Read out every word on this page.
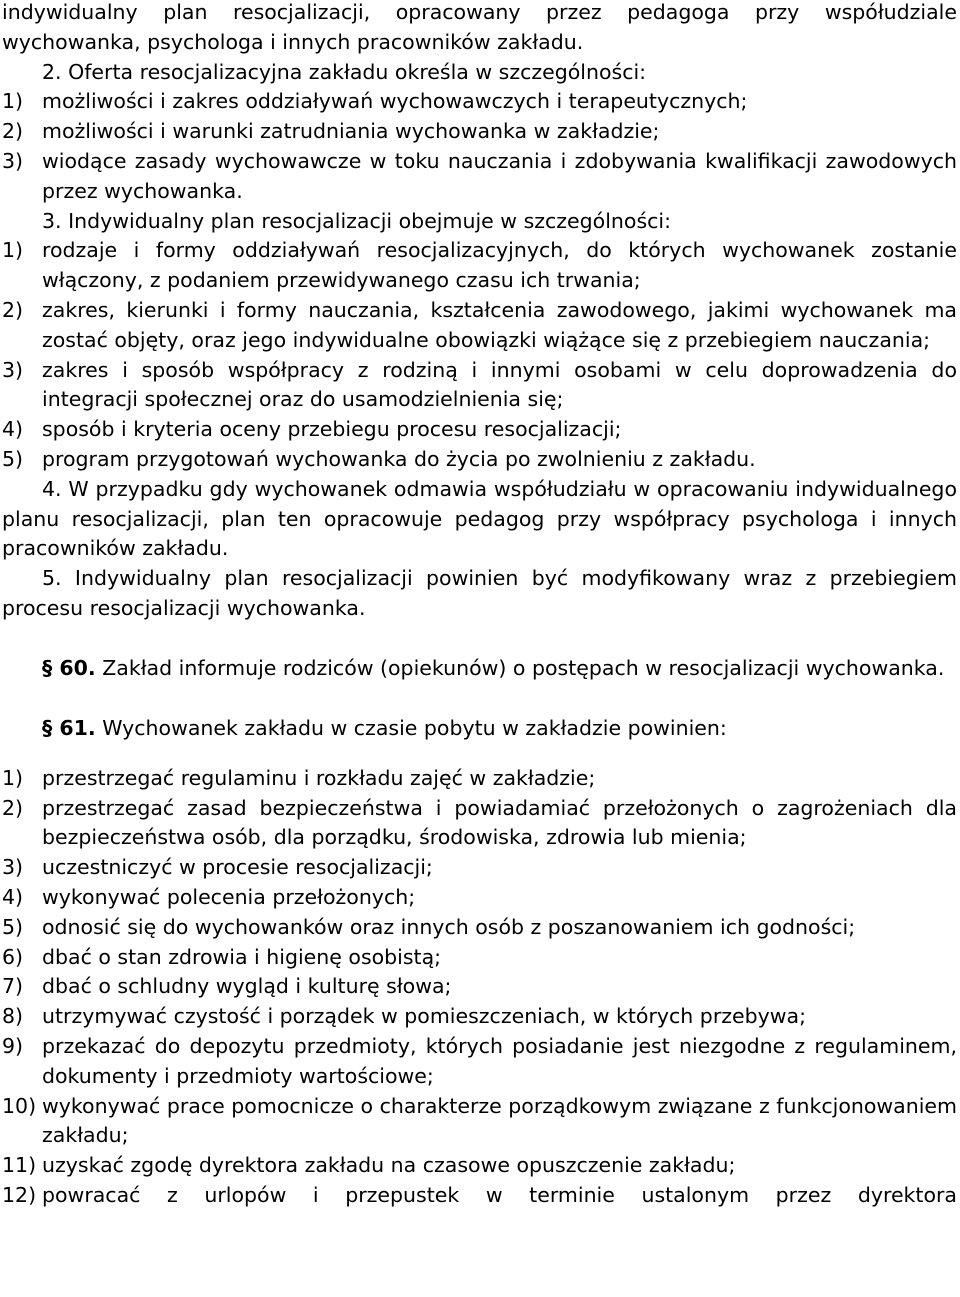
indywidualny plan resocjalizacji, opracowany przez pedagoga przy współudziale wychowanka, psychologa i innych pracowników zakładu.

2. Oferta resocjalizacyjna zakładu określa w szczególności:

1) możliwości i zakres oddziaływań wychowawczych i terapeutycznych;
2) możliwości i warunki zatrudniania wychowanka w zakładzie;
3) wiodące zasady wychowawcze w toku nauczania i zdobywania kwalifikacji zawodowych przez wychowanka.

3. Indywidualny plan resocjalizacji obejmuje w szczególności:

1) rodzaje i formy oddziaływań resocjalizacyjnych, do których wychowanek zostanie włączony, z podaniem przewidywanego czasu ich trwania;
2) zakres, kierunki i formy nauczania, kształcenia zawodowego, jakimi wychowanek ma zostać objęty, oraz jego indywidualne obowiązki wiążące się z przebiegiem nauczania;
3) zakres i sposób współpracy z rodziną i innymi osobami w celu doprowadzenia do integracji społecznej oraz do usamodzielnienia się;
4) sposób i kryteria oceny przebiegu procesu resocjalizacji;
5) program przygotowań wychowanka do życia po zwolnieniu z zakładu.

4. W przypadku gdy wychowanek odmawia współudziału w opracowaniu indywidualnego planu resocjalizacji, plan ten opracowuje pedagog przy współpracy psychologa i innych pracowników zakładu.

5. Indywidualny plan resocjalizacji powinien być modyfikowany wraz z przebiegiem procesu resocjalizacji wychowanka.

§ 60. Zakład informuje rodziców (opiekunów) o postępach w resocjalizacji wychowanka.

§ 61. Wychowanek zakładu w czasie pobytu w zakładzie powinien:

1) przestrzegać regulaminu i rozkładu zajęć w zakładzie;
2) przestrzegać zasad bezpieczeństwa i powiadamiać przełożonych o zagrożeniach dla bezpieczeństwa osób, dla porządku, środowiska, zdrowia lub mienia;
3) uczestniczyć w procesie resocjalizacji;
4) wykonywać polecenia przełożonych;
5) odnosić się do wychowanków oraz innych osób z poszanowaniem ich godności;
6) dbać o stan zdrowia i higienę osobistą;
7) dbać o schludny wygląd i kulturę słowa;
8) utrzymywać czystość i porządek w pomieszczeniach, w których przebywa;
9) przekazać do depozytu przedmioty, których posiadanie jest niezgodne z regulaminem, dokumenty i przedmioty wartościowe;
10) wykonywać prace pomocnicze o charakterze porządkowym związane z funkcjonowaniem zakładu;
11) uzyskać zgodę dyrektora zakładu na czasowe opuszczenie zakładu;
12) powracać z urlopów i przepustek w terminie ustalonym przez dyrektora
